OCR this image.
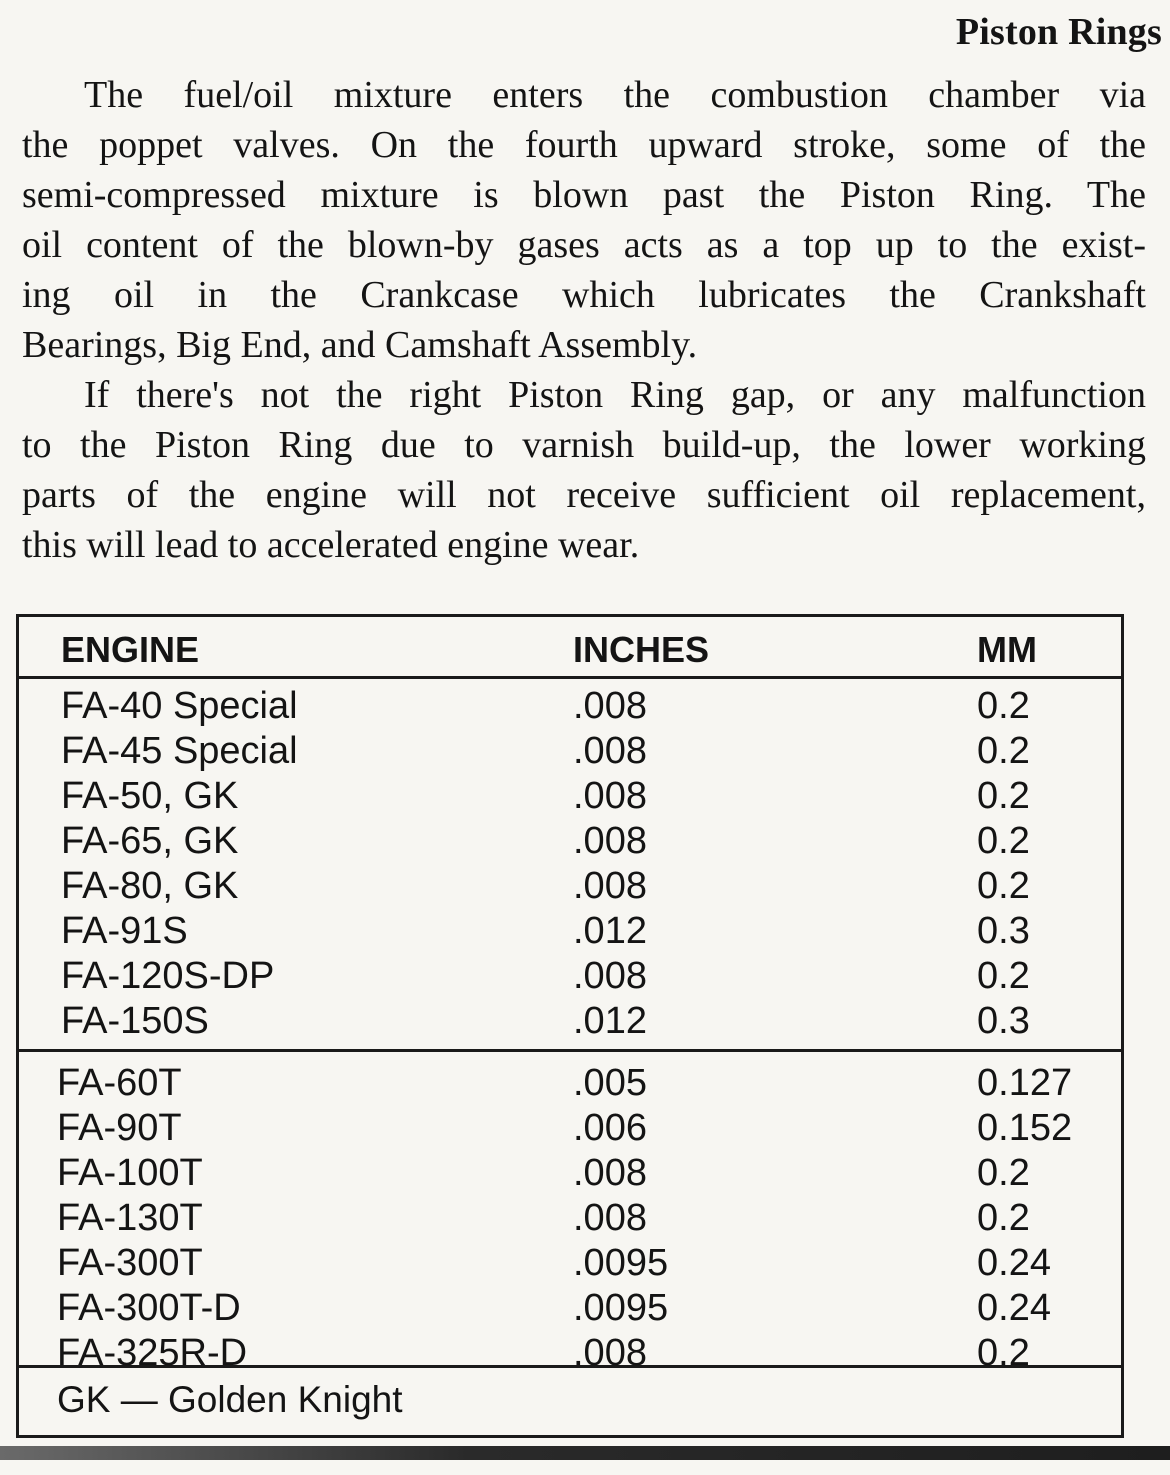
Piston Rings
The fuel/oil mixture enters the combustion chamber via
the poppet valves. On the fourth upward stroke, some of the
semi-compressed mixture is blown past the Piston Ring. The
oil content of the blown-by gases acts as a top up to the exist-
ing oil in the Crankcase which lubricates the Crankshaft
Bearings, Big End, and Camshaft Assembly.
If there's not the right Piston Ring gap, or any malfunction
to the Piston Ring due to varnish build-up, the lower working
parts of the engine will not receive sufficient oil replacement,
this will lead to accelerated engine wear.
ENGINE	INCHES	MM
FA-40 Special	.008	0.2
FA-45 Special	.008	0.2
FA-50, GK	.008	0.2
FA-65, GK	.008	0.2
FA-80, GK	.008	0.2
FA-91S	.012	0.3
FA-120S-DP	.008	0.2
FA-150S	.012	0.3
FA-60T	.005	0.127
FA-90T	.006	0.152
FA-100T	.008	0.2
FA-130T	.008	0.2
FA-300T	.0095	0.24
FA-300T-D	.0095	0.24
FA-325R-D	.008	0.2
GK — Golden Knight
